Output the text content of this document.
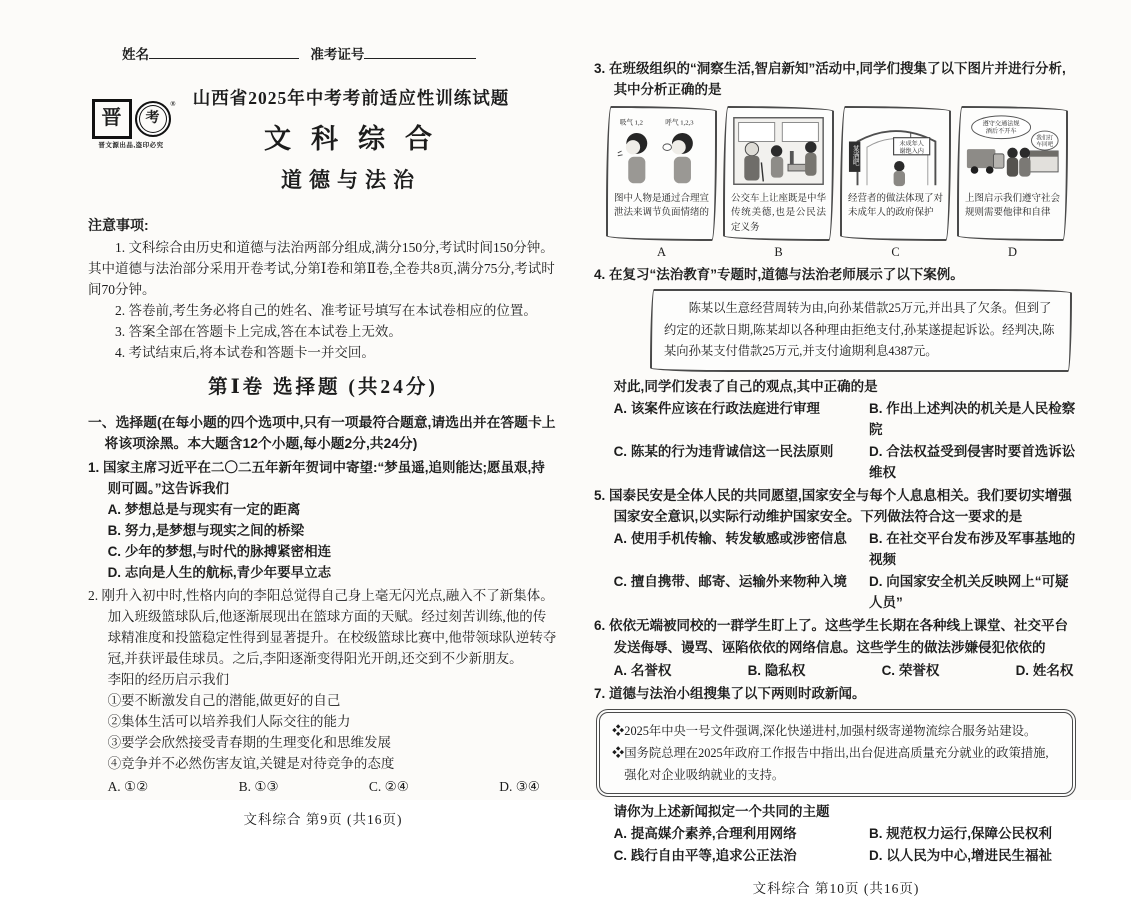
姓名	准考证号

晋	考
®
晋文源出品,盗印必究

山西省2025年中考考前适应性训练试题

文科综合

道德与法治

注意事项:

1. 文科综合由历史和道德与法治两部分组成,满分150分,考试时间150分钟。其中道德与法治部分采用开卷考试,分第Ⅰ卷和第Ⅱ卷,全卷共8页,满分75分,考试时间70分钟。

2. 答卷前,考生务必将自己的姓名、准考证号填写在本试卷相应的位置。

3. 答案全部在答题卡上完成,答在本试卷上无效。

4. 考试结束后,将本试卷和答题卡一并交回。

第Ⅰ卷 选择题 (共24分)

一、选择题(在每小题的四个选项中,只有一项最符合题意,请选出并在答题卡上将该项涂黑。本大题含12个小题,每小题2分,共24分)

1. 国家主席习近平在二〇二五年新年贺词中寄望:“梦虽遥,追则能达;愿虽艰,持则可圆。”这告诉我们

A. 梦想总是与现实有一定的距离

B. 努力,是梦想与现实之间的桥梁

C. 少年的梦想,与时代的脉搏紧密相连

D. 志向是人生的航标,青少年要早立志

2. 刚升入初中时,性格内向的李阳总觉得自己身上毫无闪光点,融入不了新集体。加入班级篮球队后,他逐渐展现出在篮球方面的天赋。经过刻苦训练,他的传球精准度和投篮稳定性得到显著提升。在校级篮球比赛中,他带领球队逆转夺冠,并获评最佳球员。之后,李阳逐渐变得阳光开朗,还交到不少新朋友。

李阳的经历启示我们

①要不断激发自己的潜能,做更好的自己

②集体生活可以培养我们人际交往的能力

③要学会欣然接受青春期的生理变化和思维发展

④竞争并不必然伤害友谊,关键是对待竞争的态度

A. ①②	B. ①③	C. ②④	D. ③④

文科综合 第9页 (共16页)

3. 在班级组织的“洞察生活,智启新知”活动中,同学们搜集了以下图片并进行分析,其中分析正确的是

吸气 1,2	呼气 1,2,3

图中人物是通过合理宣泄法来调节负面情绪的

A

公交车上让座既是中华传统美德,也是公民法定义务

B

某酒吧
未成年人
谢绝入内

经营者的做法体现了对未成年人的政府保护

C

遵守交通法规
酒后不开车
我们打
车回吧

上图启示我们遵守社会规则需要他律和自律

D

4. 在复习“法治教育”专题时,道德与法治老师展示了以下案例。

陈某以生意经营周转为由,向孙某借款25万元,并出具了欠条。但到了约定的还款日期,陈某却以各种理由拒绝支付,孙某遂提起诉讼。经判决,陈某向孙某支付借款25万元,并支付逾期利息4387元。

对此,同学们发表了自己的观点,其中正确的是

A. 该案件应该在行政法庭进行审理	B. 作出上述判决的机关是人民检察院
C. 陈某的行为违背诚信这一民法原则	D. 合法权益受到侵害时要首选诉讼维权

5. 国泰民安是全体人民的共同愿望,国家安全与每个人息息相关。我们要切实增强国家安全意识,以实际行动维护国家安全。下列做法符合这一要求的是

A. 使用手机传输、转发敏感或涉密信息	B. 在社交平台发布涉及军事基地的视频
C. 擅自携带、邮寄、运输外来物种入境	D. 向国家安全机关反映网上“可疑人员”

6. 依依无端被同校的一群学生盯上了。这些学生长期在各种线上课堂、社交平台发送侮辱、谩骂、诬陷依依的网络信息。这些学生的做法涉嫌侵犯依依的

A. 名誉权	B. 隐私权	C. 荣誉权	D. 姓名权

7. 道德与法治小组搜集了以下两则时政新闻。

❖2025年中央一号文件强调,深化快递进村,加强村级寄递物流综合服务站建设。

❖国务院总理在2025年政府工作报告中指出,出台促进高质量充分就业的政策措施,强化对企业吸纳就业的支持。

请你为上述新闻拟定一个共同的主题

A. 提高媒介素养,合理利用网络	B. 规范权力运行,保障公民权利
C. 践行自由平等,追求公正法治	D. 以人民为中心,增进民生福祉

文科综合 第10页 (共16页)
